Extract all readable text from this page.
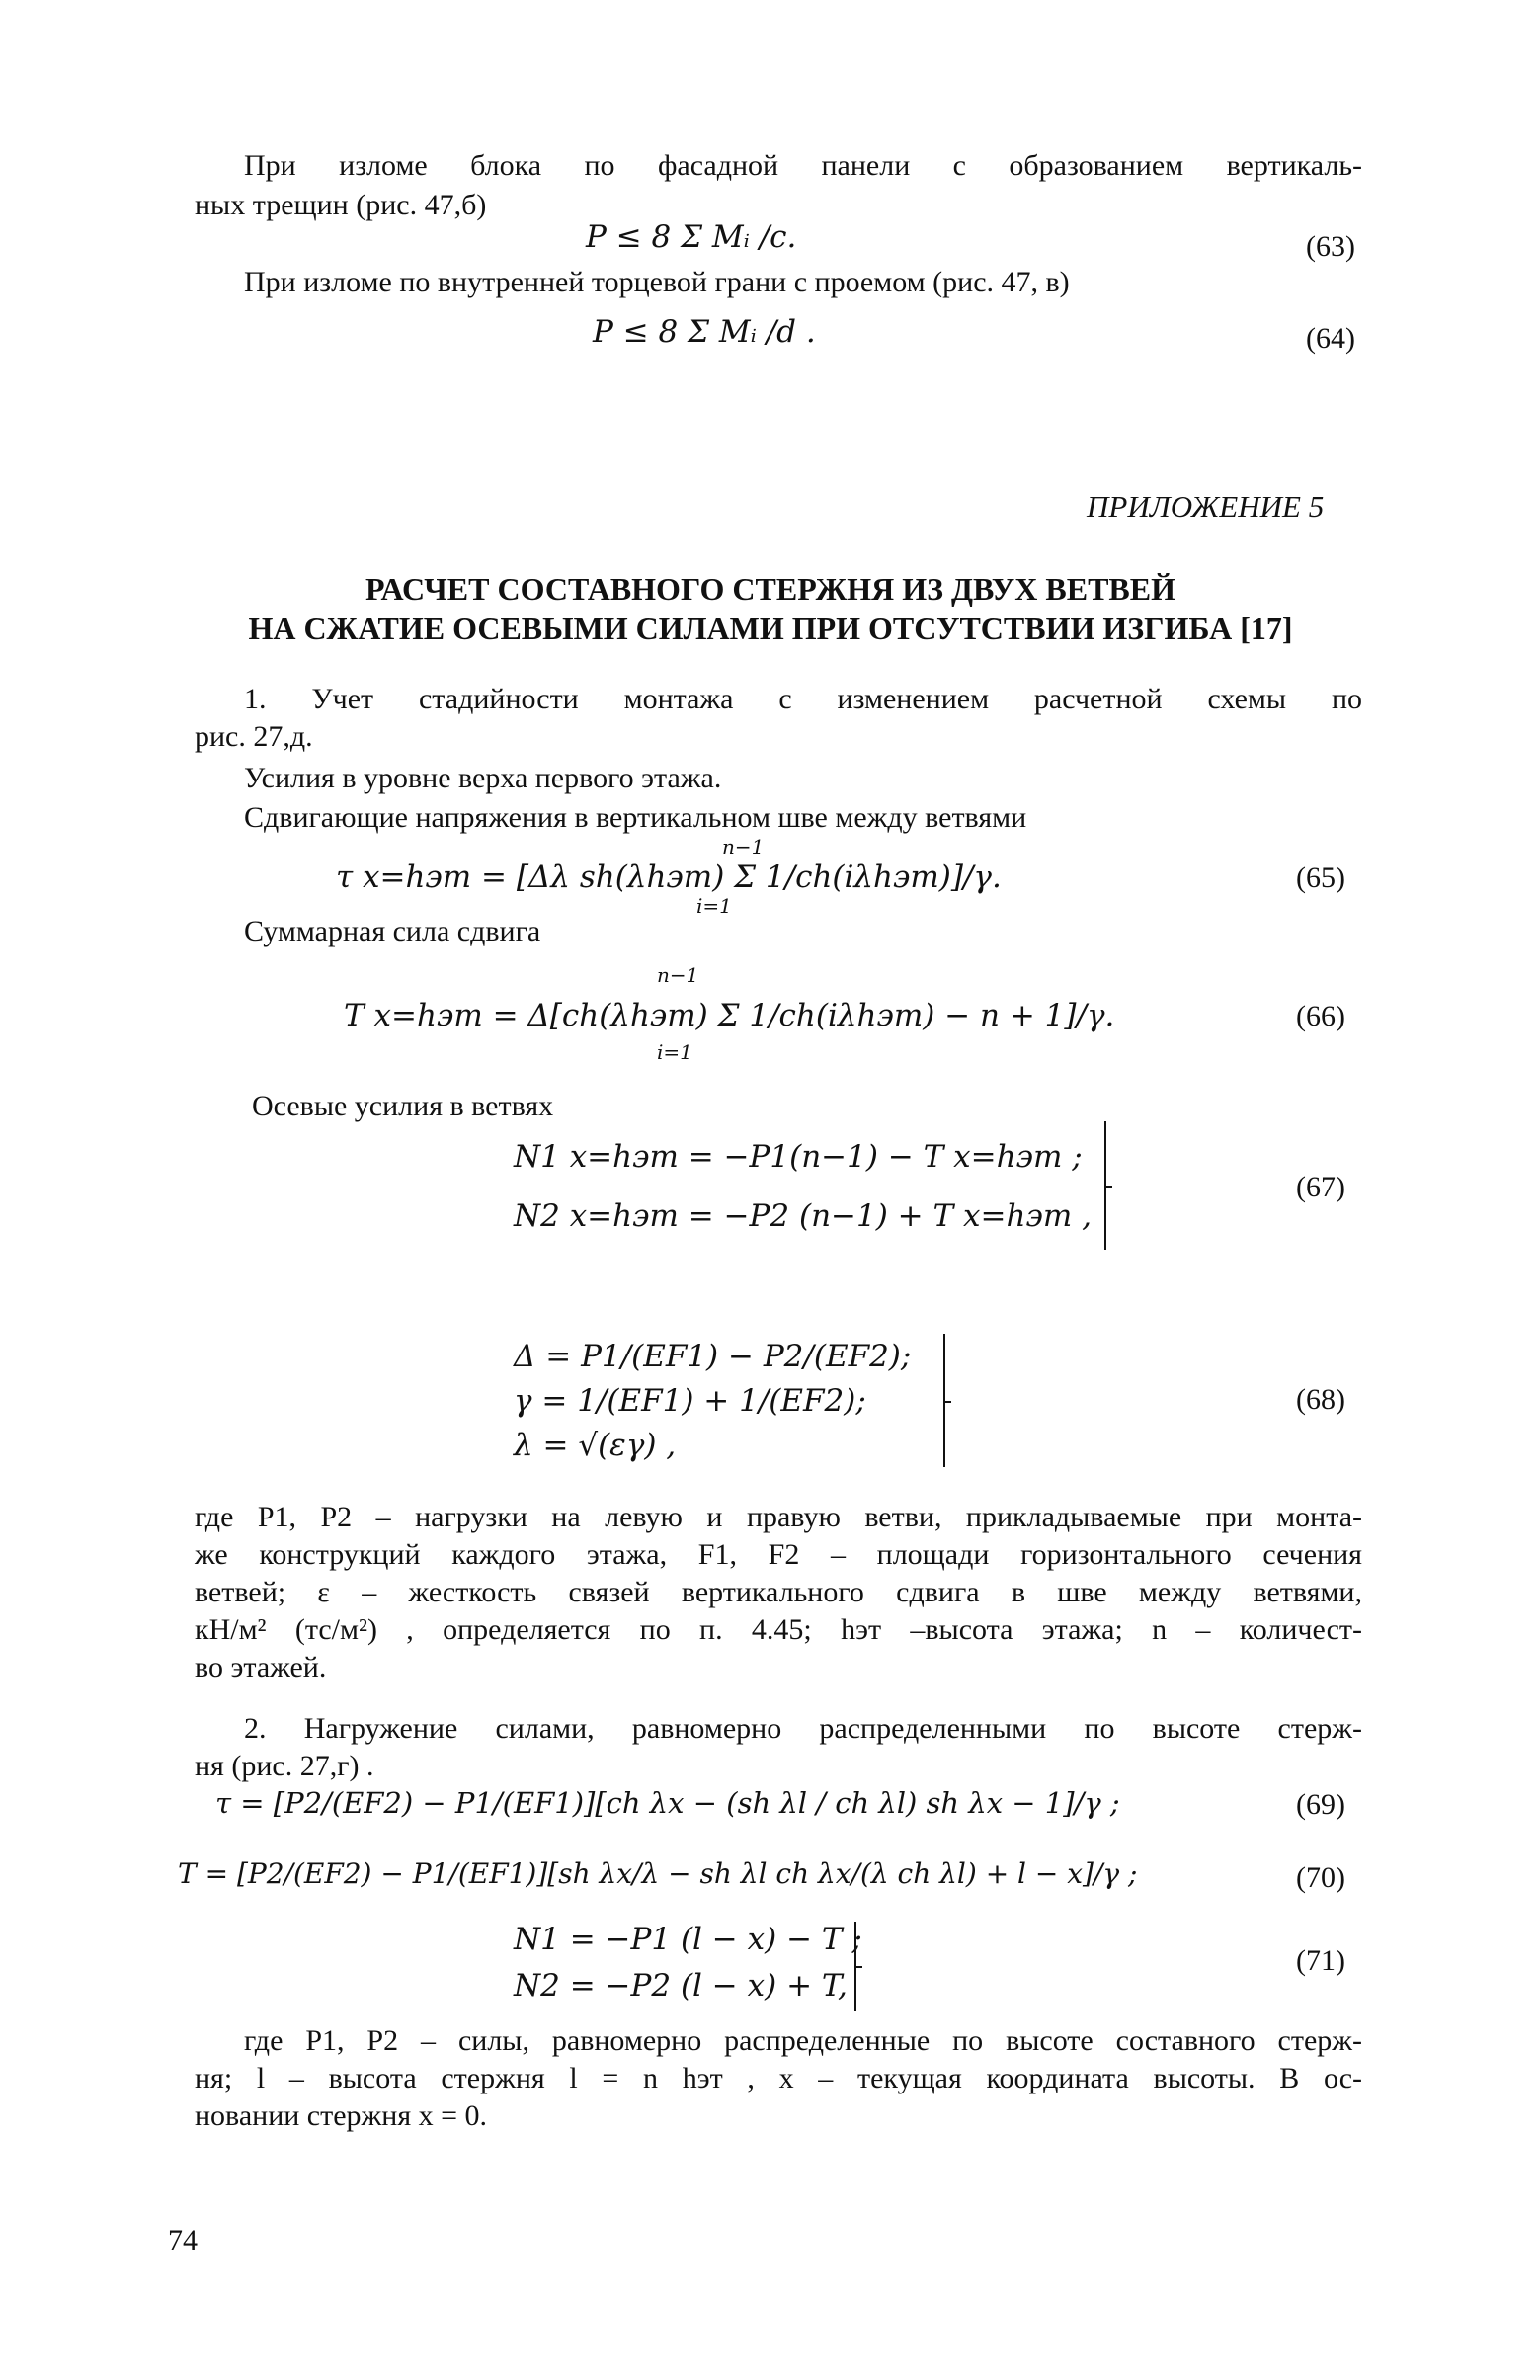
При изломе блока по фасадной панели с образованием вертикаль-
ных трещин (рис. 47,б)
P ≤ 8 Σ Mᵢ /c.	(63)
При изломе по внутренней торцевой грани с проемом (рис. 47, в)
P ≤ 8 Σ Mᵢ /d .	(64)
ПРИЛОЖЕНИЕ 5
РАСЧЕТ СОСТАВНОГО СТЕРЖНЯ ИЗ ДВУХ ВЕТВЕЙ
НА СЖАТИЕ ОСЕВЫМИ СИЛАМИ ПРИ ОТСУТСТВИИ ИЗГИБА [17]
1. Учет стадийности монтажа с изменением расчетной схемы по
рис. 27,д.
Усилия в уровне верха первого этажа.
Сдвигающие напряжения в вертикальном шве между ветвями
τ x=hэт = [Δλ sh(λhэт) Σ 1/ch(iλhэт)]/γ.
n−1
i=1
(65)
Суммарная сила сдвига
T x=hэт = Δ[ch(λhэт) Σ 1/ch(iλhэт) − n + 1]/γ.
n−1
i=1
(66)
Осевые усилия в ветвях
N1 x=hэт = −P1(n−1) − T x=hэт ;
N2 x=hэт = −P2 (n−1) + T x=hэт ,
(67)
Δ = P1/(EF1) − P2/(EF2);
γ = 1/(EF1) + 1/(EF2);
λ = √(εγ) ,
(68)
где P1, P2 – нагрузки на левую и правую ветви, прикладываемые при монта-
же конструкций каждого этажа, F1, F2 – площади горизонтального сечения
ветвей; ε – жесткость связей вертикального сдвига в шве между ветвями,
кН/м² (тс/м²) , определяется по п. 4.45; hэт –высота этажа; n – количест-
во этажей.
2. Нагружение силами, равномерно распределенными по высоте стерж-
ня (рис. 27,г) .
τ = [P2/(EF2) − P1/(EF1)][ch λx − (sh λl / ch λl) sh λx − 1]/γ ;	(69)
T = [P2/(EF2) − P1/(EF1)][sh λx/λ − sh λl ch λx/(λ ch λl) + l − x]/γ ;	(70)
N1 = −P1 (l − x) − T ;
N2 = −P2 (l − x) + T,
(71)
где P1, P2 – силы, равномерно распределенные по высоте составного стерж-
ня; l – высота стержня l = n hэт , x – текущая координата высоты. В ос-
новании стержня x = 0.
74
